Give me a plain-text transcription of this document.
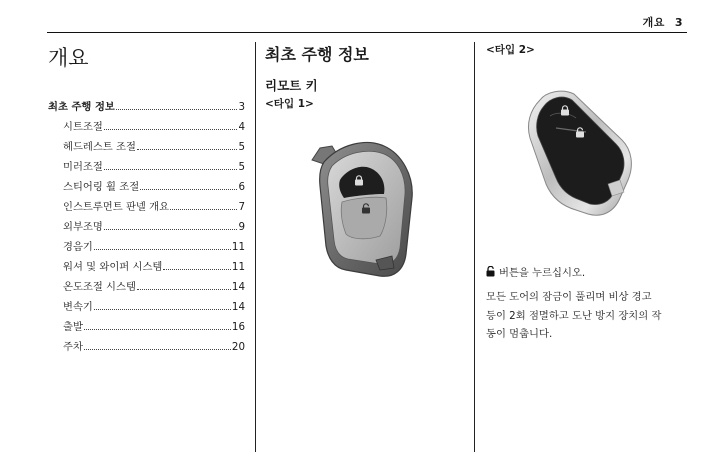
개요 3
개요
최초 주행 정보	3
시트조절	4
헤드레스트 조절	5
미러조절	5
스티어링 휠 조절	6
인스트루먼트 판넬 개요	7
외부조명	9
경음기	11
워셔 및 와이퍼 시스템	11
온도조절 시스템	14
변속기	14
출발	16
주차	20
최초 주행 정보
리모트 키
<타입 1>
<타입 2>
버튼을 누르십시오.
모든 도어의 잠금이 풀리며 비상 경고
등이 2회 점멸하고 도난 방지 장치의 작
동이 멈춥니다.
